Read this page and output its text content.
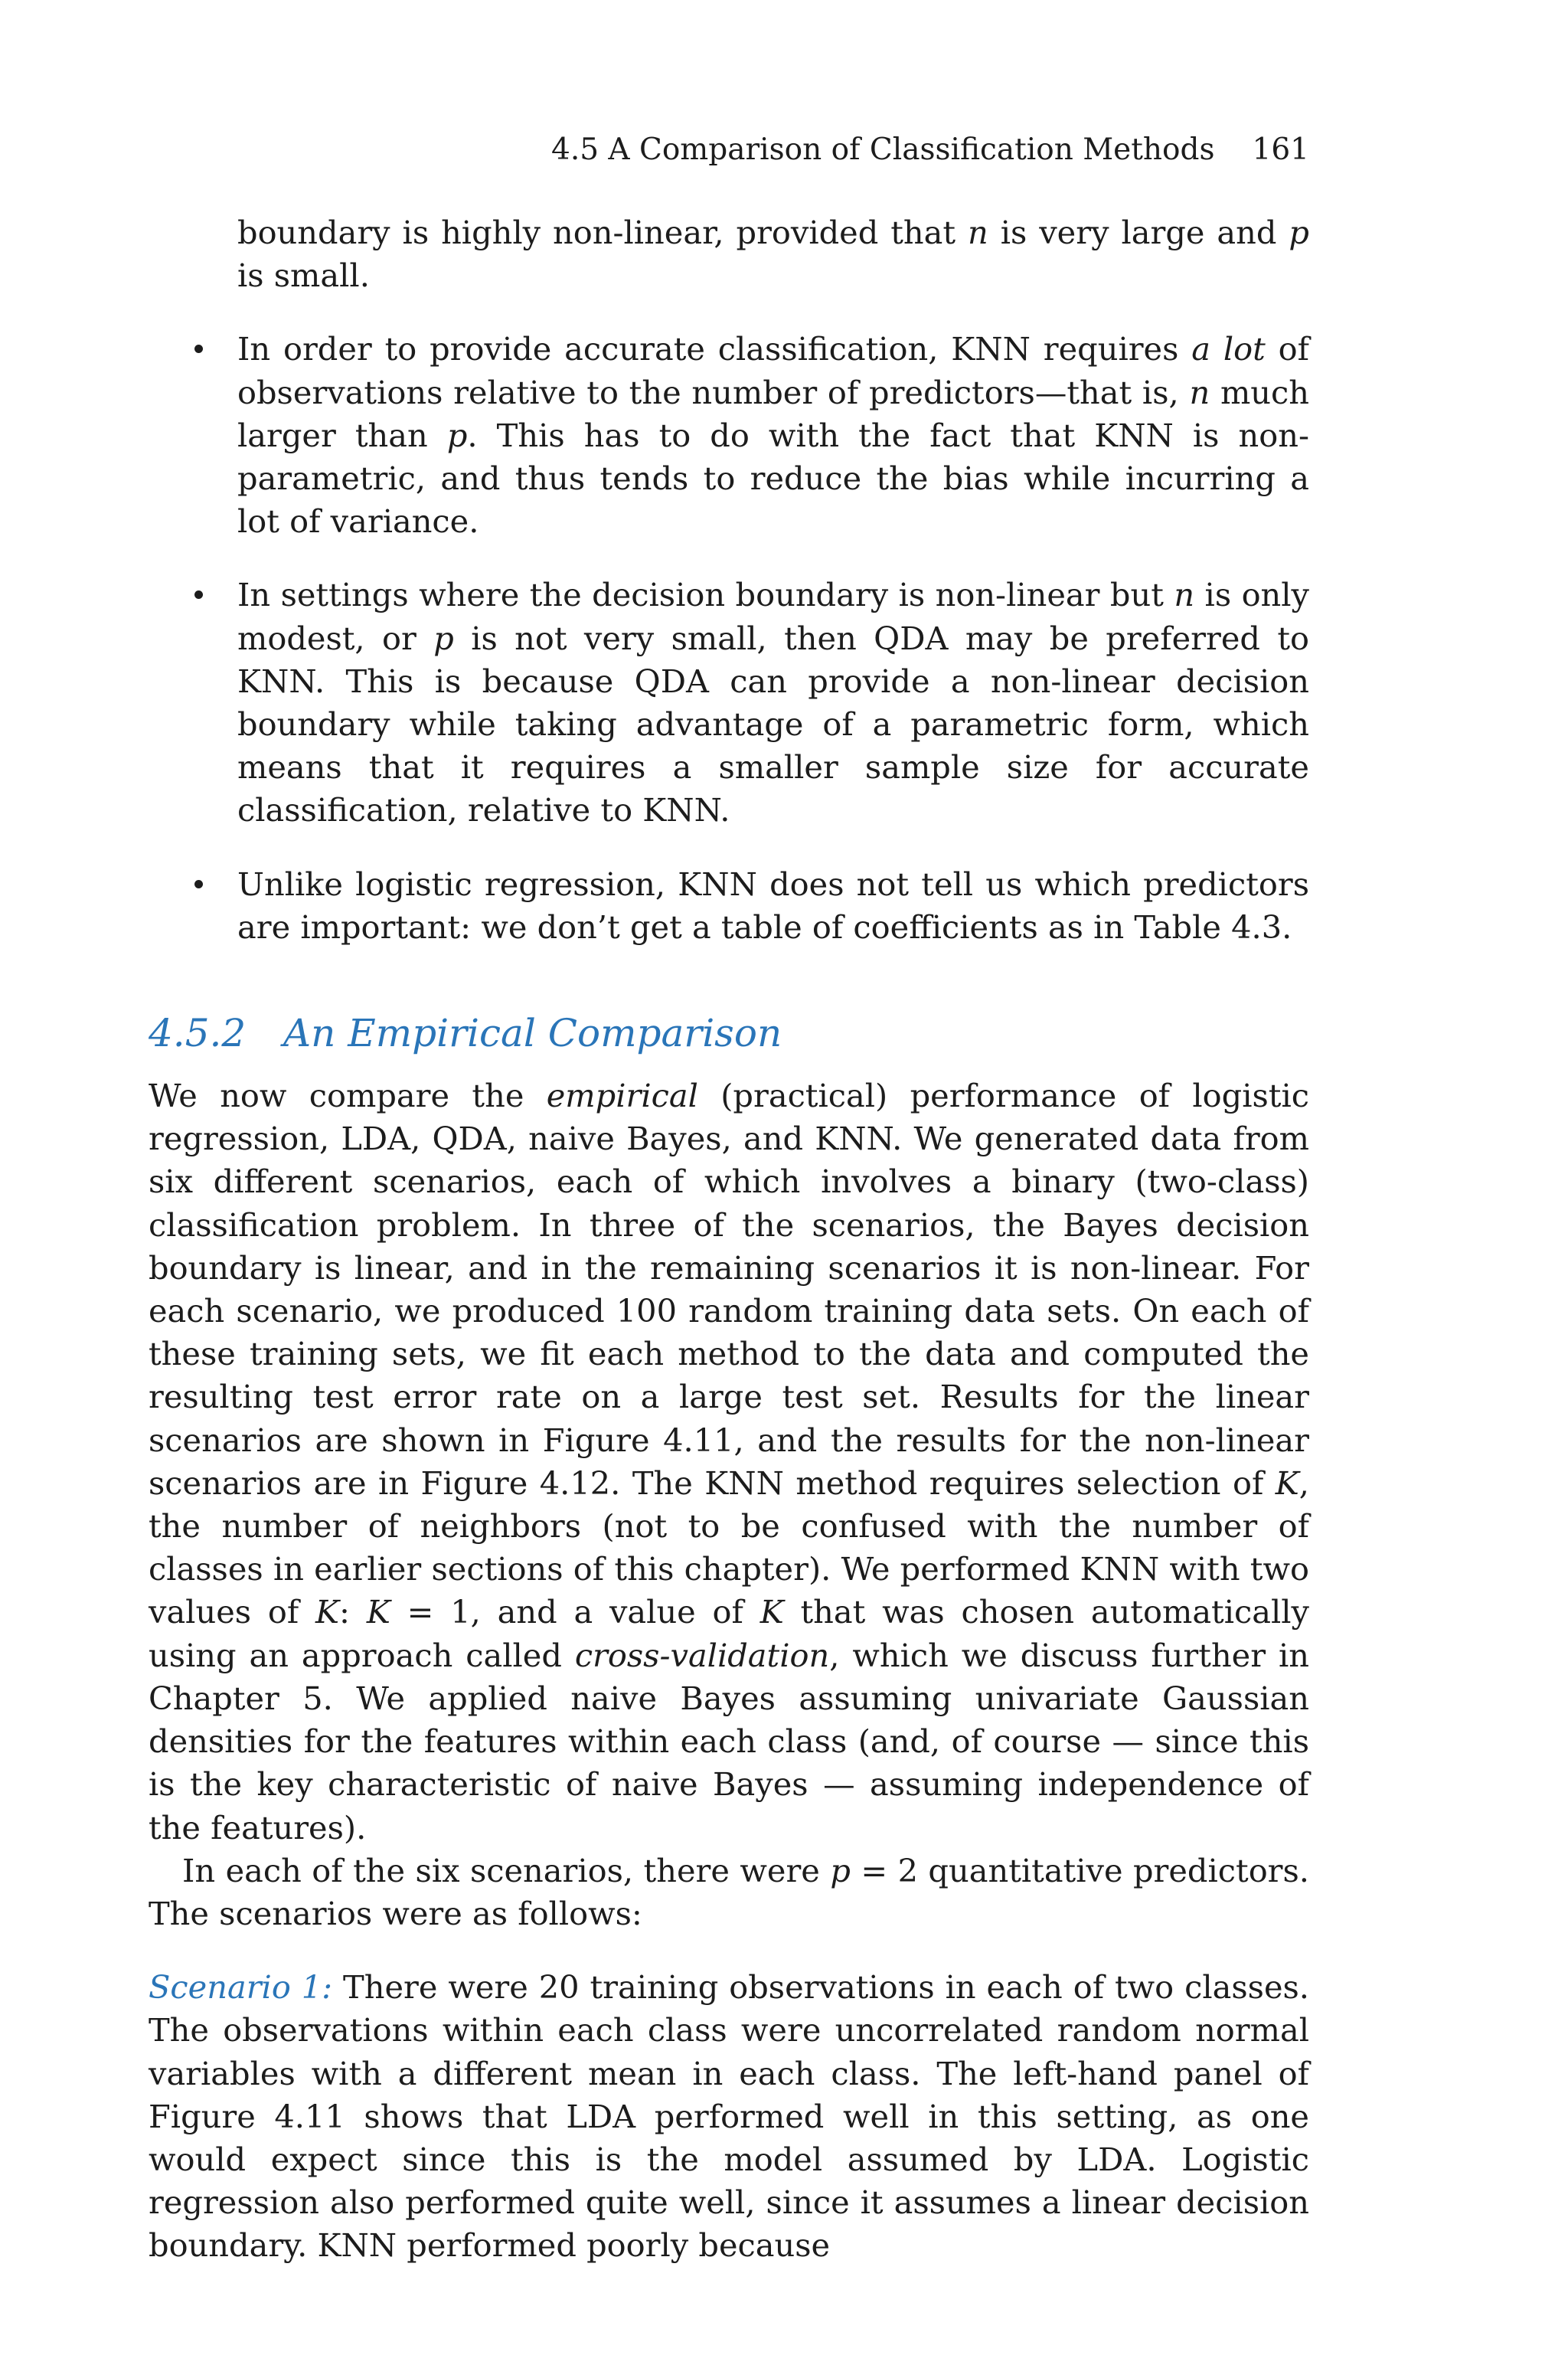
4.5 A Comparison of Classification Methods 161

boundary is highly non-linear, provided that n is very large and p is small.

In order to provide accurate classification, KNN requires a lot of observations relative to the number of predictors—that is, n much larger than p. This has to do with the fact that KNN is non-parametric, and thus tends to reduce the bias while incurring a lot of variance.

In settings where the decision boundary is non-linear but n is only modest, or p is not very small, then QDA may be preferred to KNN. This is because QDA can provide a non-linear decision boundary while taking advantage of a parametric form, which means that it requires a smaller sample size for accurate classification, relative to KNN.

Unlike logistic regression, KNN does not tell us which predictors are important: we don’t get a table of coefficients as in Table 4.3.

4.5.2 An Empirical Comparison

We now compare the empirical (practical) performance of logistic regression, LDA, QDA, naive Bayes, and KNN. We generated data from six different scenarios, each of which involves a binary (two-class) classification problem. In three of the scenarios, the Bayes decision boundary is linear, and in the remaining scenarios it is non-linear. For each scenario, we produced 100 random training data sets. On each of these training sets, we fit each method to the data and computed the resulting test error rate on a large test set. Results for the linear scenarios are shown in Figure 4.11, and the results for the non-linear scenarios are in Figure 4.12. The KNN method requires selection of K, the number of neighbors (not to be confused with the number of classes in earlier sections of this chapter). We performed KNN with two values of K: K = 1, and a value of K that was chosen automatically using an approach called cross-validation, which we discuss further in Chapter 5. We applied naive Bayes assuming univariate Gaussian densities for the features within each class (and, of course — since this is the key characteristic of naive Bayes — assuming independence of the features).

In each of the six scenarios, there were p = 2 quantitative predictors. The scenarios were as follows:

Scenario 1: There were 20 training observations in each of two classes. The observations within each class were uncorrelated random normal variables with a different mean in each class. The left-hand panel of Figure 4.11 shows that LDA performed well in this setting, as one would expect since this is the model assumed by LDA. Logistic regression also performed quite well, since it assumes a linear decision boundary. KNN performed poorly because
